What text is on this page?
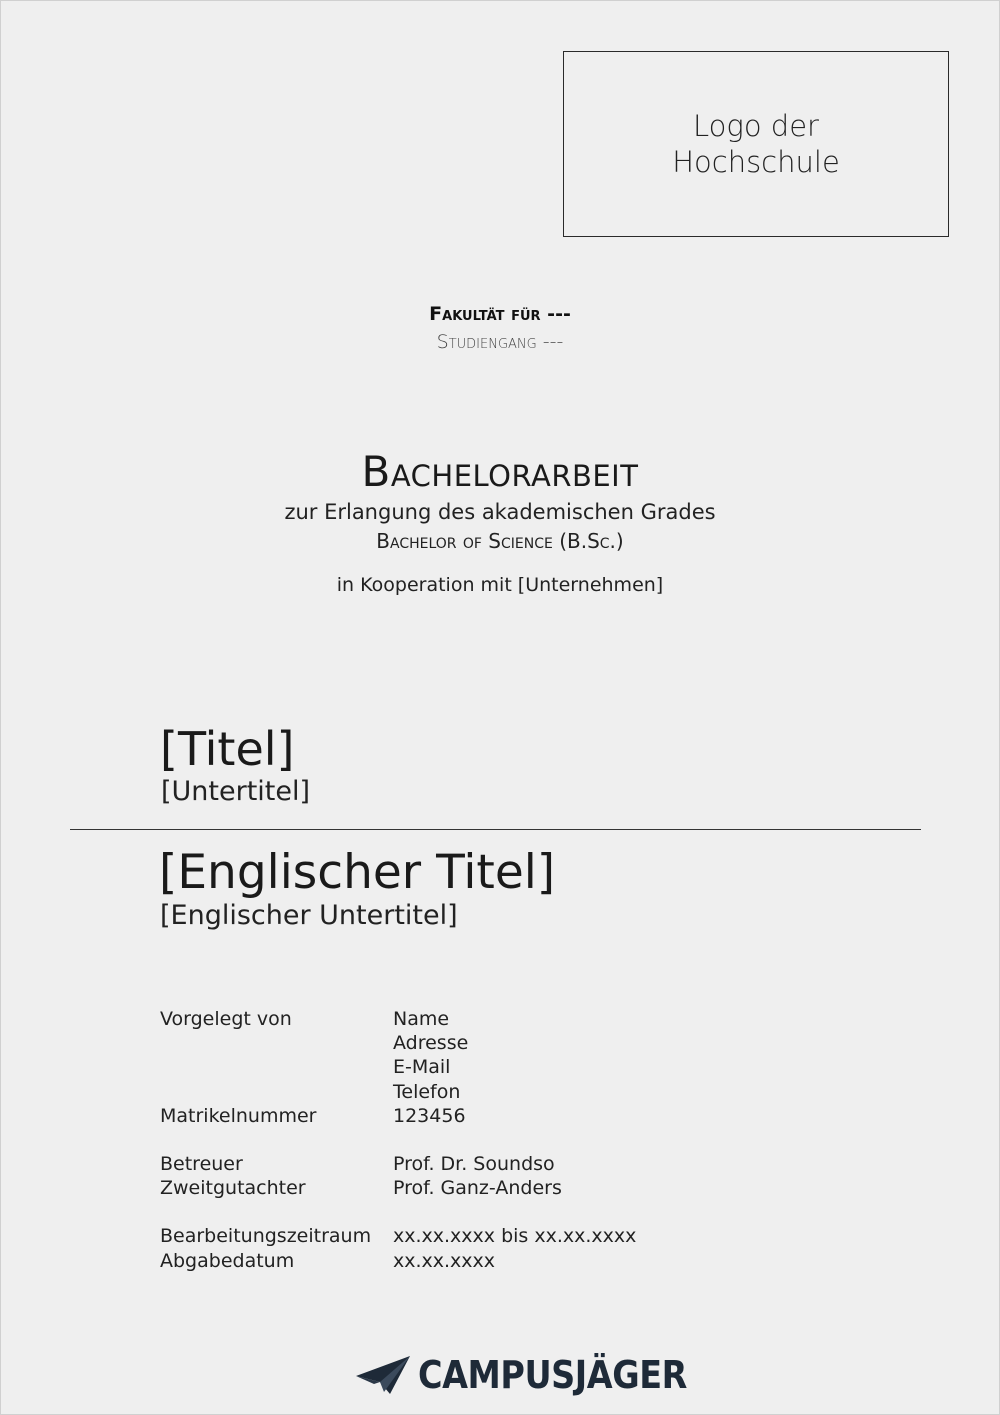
Logo der Hochschule
Fakultät für ---
Studiengang ---
Bachelorarbeit
zur Erlangung des akademischen Grades
Bachelor of Science (B.Sc.)
in Kooperation mit [Unternehmen]
[Titel]
[Untertitel]
[Englischer Titel]
[Englischer Untertitel]
Vorgelegt von	Name
Adresse
E-Mail
Telefon
Matrikelnummer	123456
Betreuer	Prof. Dr. Soundso
Zweitgutachter	Prof. Ganz-Anders
Bearbeitungszeitraum	xx.xx.xxxx bis xx.xx.xxxx
Abgabedatum	xx.xx.xxxx
CAMPUSJÄGER
